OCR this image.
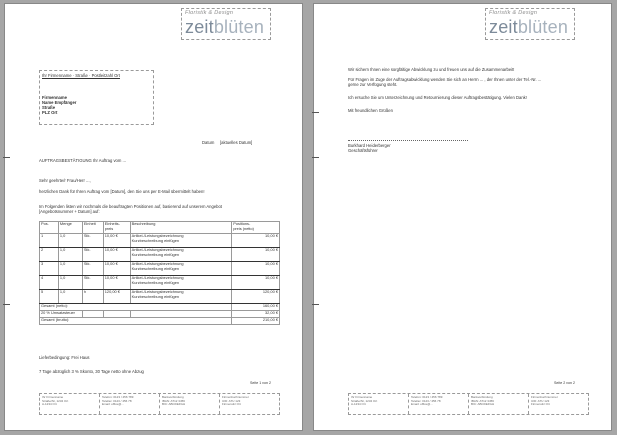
Floristik & Design
zeitblüten
Ihr Firmenname · Straße · Postleitzahl Ort
Firmenname
Name Empfänger
Straße
PLZ Ort
Datum [aktuelles Datum]
AUFTRAGSBESTÄTIGUNG Ihr Auftrag vom ...
Sehr geehrte/r Frau/Herr ...,
herzlichen Dank für Ihren Auftrag vom [Datum], den Sie uns per E-Mail übermittelt haben!
Im Folgenden listen wir nochmals die beauftragten Positionen auf, basierend auf unserem Angebot
[Angebotsnummer + Datum] auf:
Pos.	Menge	Einheit	Einheits-
preis	Beschreibung	Positions-
preis (netto)
1	1,0	Stk.	10,00 €	Artikel-/Leistungsbezeichnung
Kurzbeschreibung einfügen	10,00 €
2	1,0	Stk.	10,00 €	Artikel-/Leistungsbezeichnung
Kurzbeschreibung einfügen	10,00 €
3	1,0	Stk.	10,00 €	Artikel-/Leistungsbezeichnung
Kurzbeschreibung einfügen	10,00 €
4	1,0	Stk.	10,00 €	Artikel-/Leistungsbezeichnung
Kurzbeschreibung einfügen	10,00 €
5	1,0	h	120,00 €	Artikel-/Leistungsbezeichnung
Kurzbeschreibung einfügen	120,00 €
Gesamt (netto):					160,00 €
20 % Umsatzsteuer					32,00 €
Gesamt (brutto):					210,00 €
Lieferbedingung: Frei Haus
7 Tage abzüglich 3 % Skonto, 30 Tage netto ohne Abzug
Seite 1 von 2
Ihr Firmenname
Straße/Nr, 1234 Ort
A-1234 Ort
Telefon: 0123 / 456 789
Telefax: 0123 / 456 78
Email: office@...
Bankverbindung
IBAN: AT12 3456
BIC: ABCDEFGH
Firmenbuchnummer
UID: ATU 123
Firmensitz Ort
Floristik & Design
zeitblüten
Wir sichern Ihnen eine sorgfältige Abwicklung zu und freuen uns auf die Zusammenarbeit!
Für Fragen im Zuge der Auftragsabwicklung wenden Sie sich an Herrn ... , der Ihnen unter der Tel.-Nr. ...
gerne zur Verfügung steht.
Ich ersuche Sie um Unterzeichnung und Retournierung dieser Auftragsbestätigung. Vielen Dank!
Mit freundlichen Grüßen
Burkhard Heiderberger
Geschäftsführer
Seite 2 von 2
Ihr Firmenname
Straße/Nr, 1234 Ort
A-1234 Ort
Telefon: 0123 / 456 789
Telefax: 0123 / 456 78
Email: office@...
Bankverbindung
IBAN: AT12 3456
BIC: ABCDEFGH
Firmenbuchnummer
UID: ATU 123
Firmensitz Ort
